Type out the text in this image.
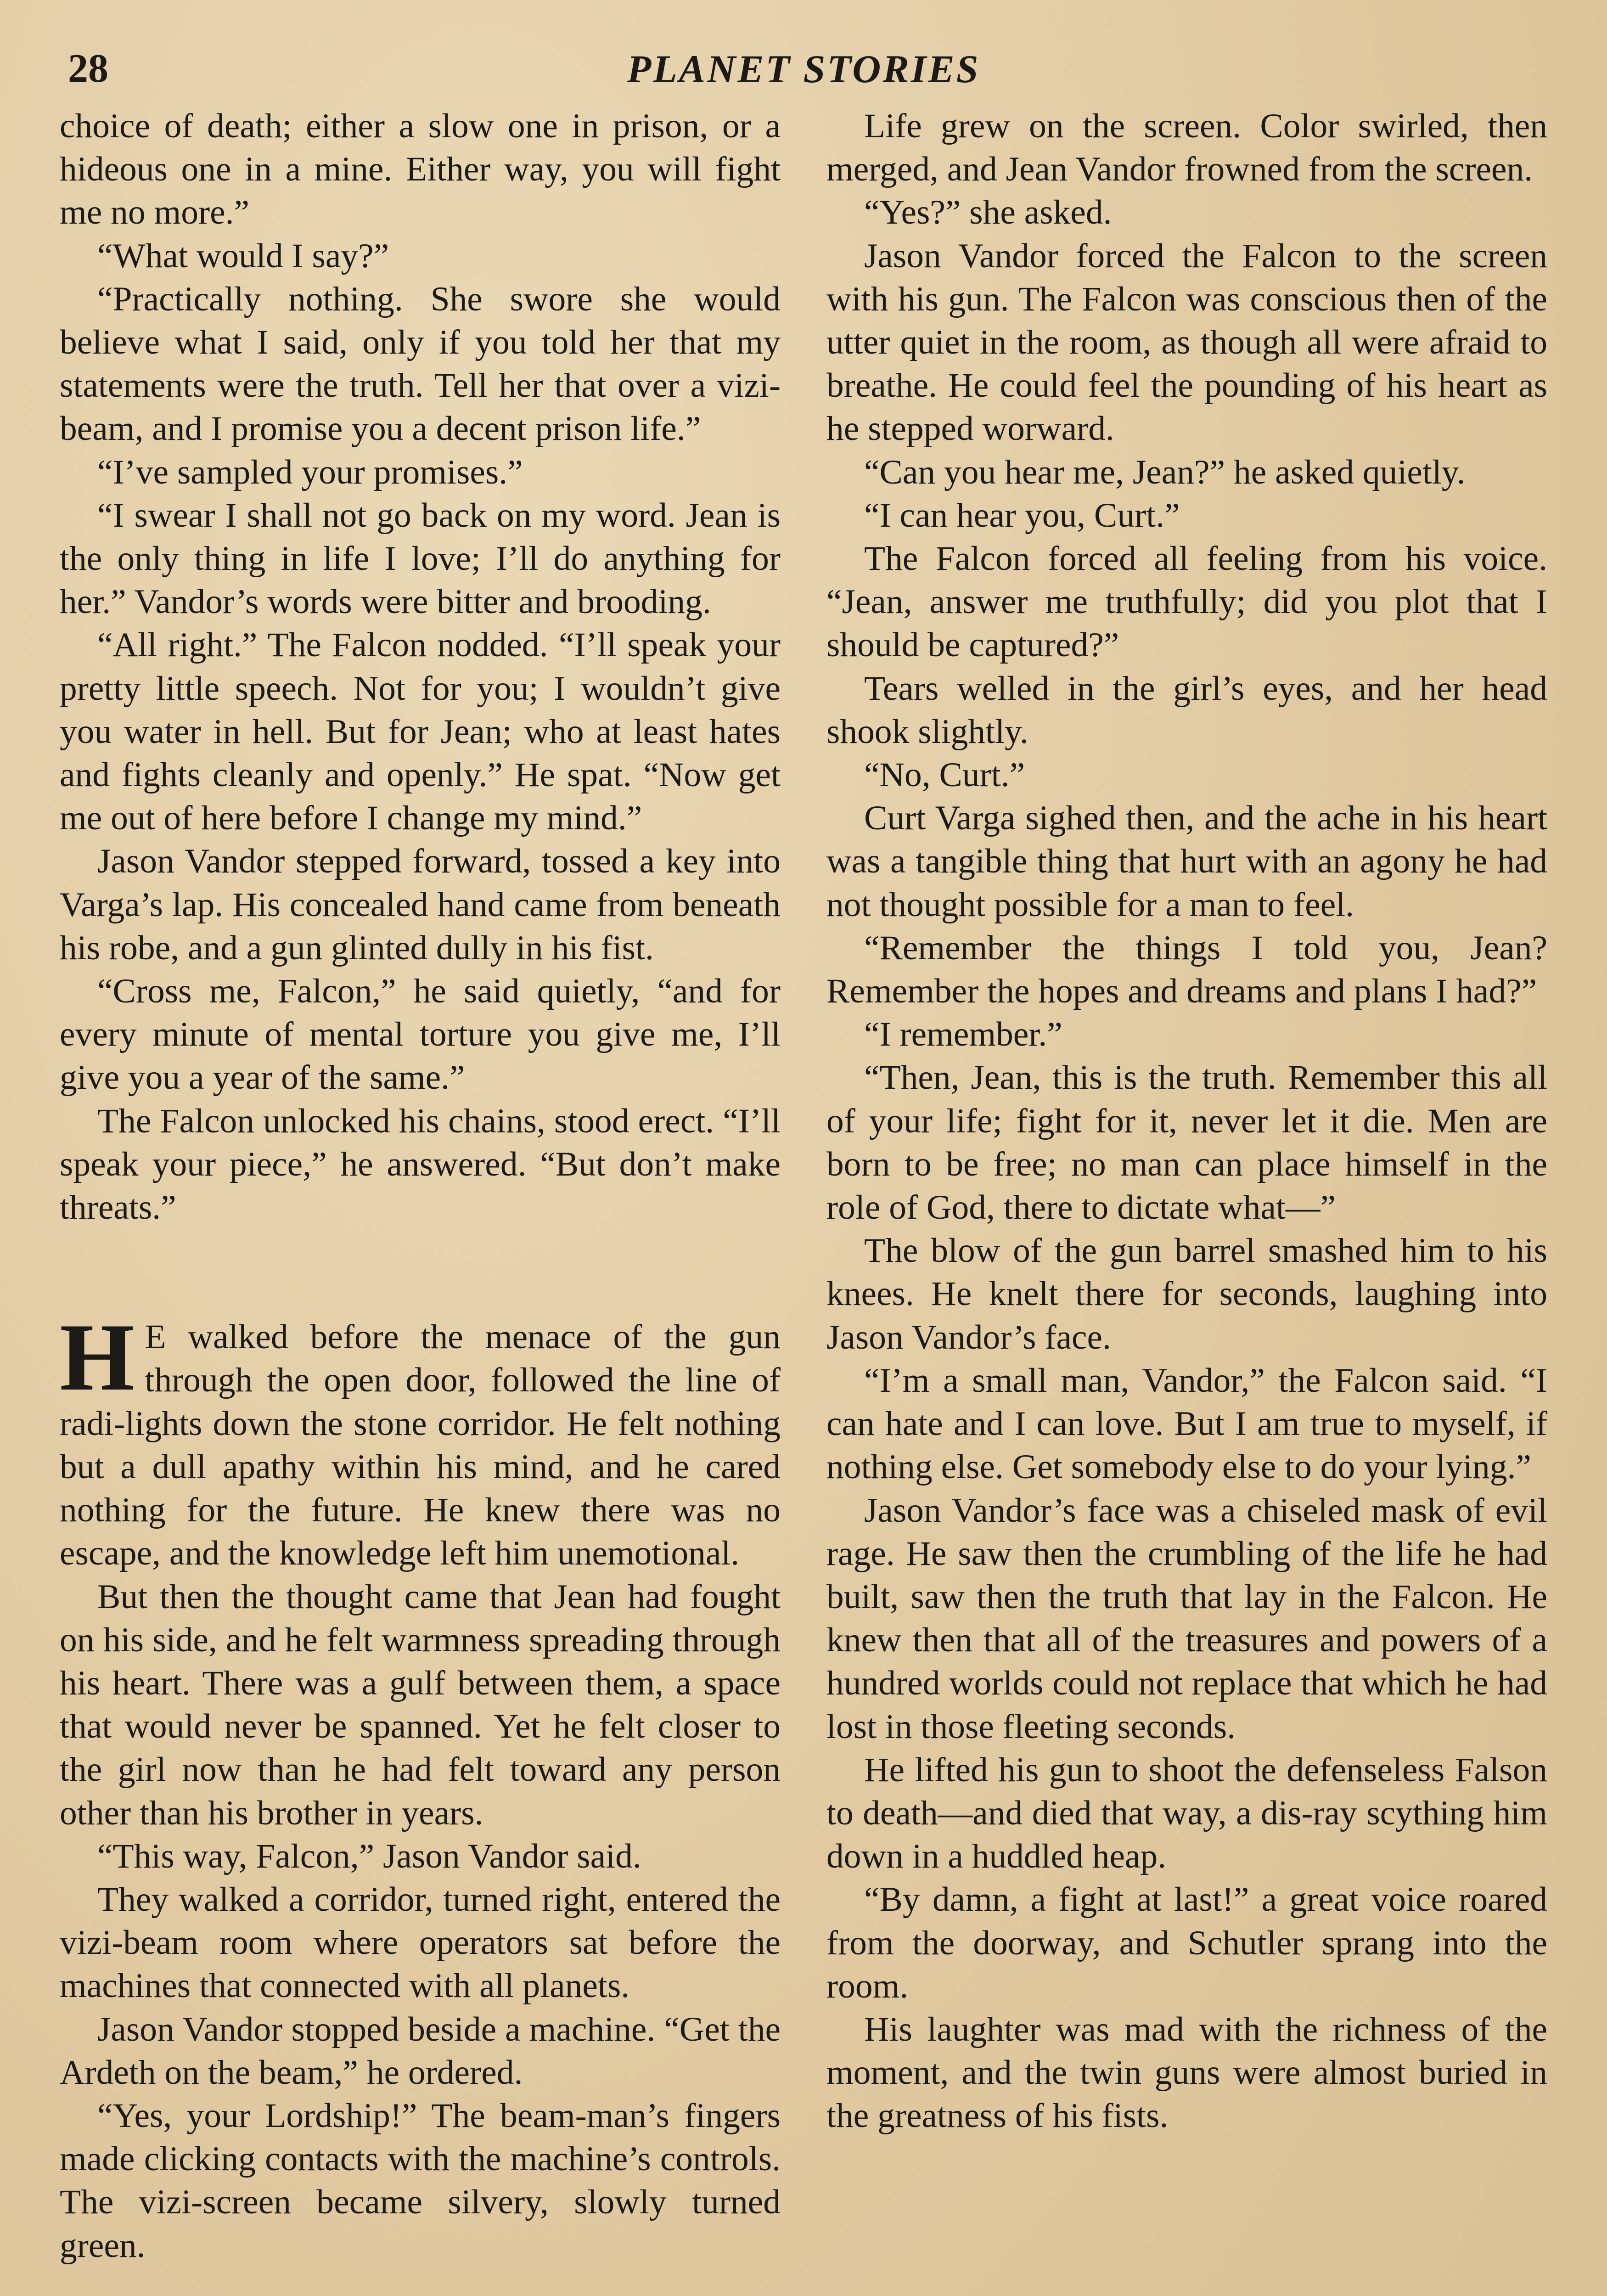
28	PLANET STORIES

choice of death; either a slow one in prison, or a hideous one in a mine. Either way, you will fight me no more.”

“What would I say?”

“Practically nothing. She swore she would believe what I said, only if you told her that my statements were the truth. Tell her that over a vizi-beam, and I promise you a decent prison life.”

“I’ve sampled your promises.”

“I swear I shall not go back on my word. Jean is the only thing in life I love; I’ll do anything for her.” Vandor’s words were bitter and brooding.

“All right.” The Falcon nodded. “I’ll speak your pretty little speech. Not for you; I wouldn’t give you water in hell. But for Jean; who at least hates and fights cleanly and openly.” He spat. “Now get me out of here before I change my mind.”

Jason Vandor stepped forward, tossed a key into Varga’s lap. His concealed hand came from beneath his robe, and a gun glinted dully in his fist.

“Cross me, Falcon,” he said quietly, “and for every minute of mental torture you give me, I’ll give you a year of the same.”

The Falcon unlocked his chains, stood erect. “I’ll speak your piece,” he answered. “But don’t make threats.”

H E walked before the menace of the gun through the open door, followed the line of radi-lights down the stone corridor. He felt nothing but a dull apathy within his mind, and he cared nothing for the future. He knew there was no escape, and the knowledge left him unemotional.

But then the thought came that Jean had fought on his side, and he felt warmness spreading through his heart. There was a gulf between them, a space that would never be spanned. Yet he felt closer to the girl now than he had felt toward any person other than his brother in years.

“This way, Falcon,” Jason Vandor said.

They walked a corridor, turned right, entered the vizi-beam room where operators sat before the machines that connected with all planets.

Jason Vandor stopped beside a machine. “Get the Ardeth on the beam,” he ordered.

“Yes, your Lordship!” The beam-man’s fingers made clicking contacts with the machine’s controls. The vizi-screen became silvery, slowly turned green.

Life grew on the screen. Color swirled, then merged, and Jean Vandor frowned from the screen.

“Yes?” she asked.

Jason Vandor forced the Falcon to the screen with his gun. The Falcon was conscious then of the utter quiet in the room, as though all were afraid to breathe. He could feel the pounding of his heart as he stepped worward.

“Can you hear me, Jean?” he asked quietly.

“I can hear you, Curt.”

The Falcon forced all feeling from his voice. “Jean, answer me truthfully; did you plot that I should be captured?”

Tears welled in the girl’s eyes, and her head shook slightly.

“No, Curt.”

Curt Varga sighed then, and the ache in his heart was a tangible thing that hurt with an agony he had not thought possible for a man to feel.

“Remember the things I told you, Jean? Remember the hopes and dreams and plans I had?”

“I remember.”

“Then, Jean, this is the truth. Remember this all of your life; fight for it, never let it die. Men are born to be free; no man can place himself in the role of God, there to dictate what—”

The blow of the gun barrel smashed him to his knees. He knelt there for seconds, laughing into Jason Vandor’s face.

“I’m a small man, Vandor,” the Falcon said. “I can hate and I can love. But I am true to myself, if nothing else. Get somebody else to do your lying.”

Jason Vandor’s face was a chiseled mask of evil rage. He saw then the crumbling of the life he had built, saw then the truth that lay in the Falcon. He knew then that all of the treasures and powers of a hundred worlds could not replace that which he had lost in those fleeting seconds.

He lifted his gun to shoot the defenseless Falson to death—and died that way, a dis-ray scything him down in a huddled heap.

“By damn, a fight at last!” a great voice roared from the doorway, and Schutler sprang into the room.

His laughter was mad with the richness of the moment, and the twin guns were almost buried in the greatness of his fists.
